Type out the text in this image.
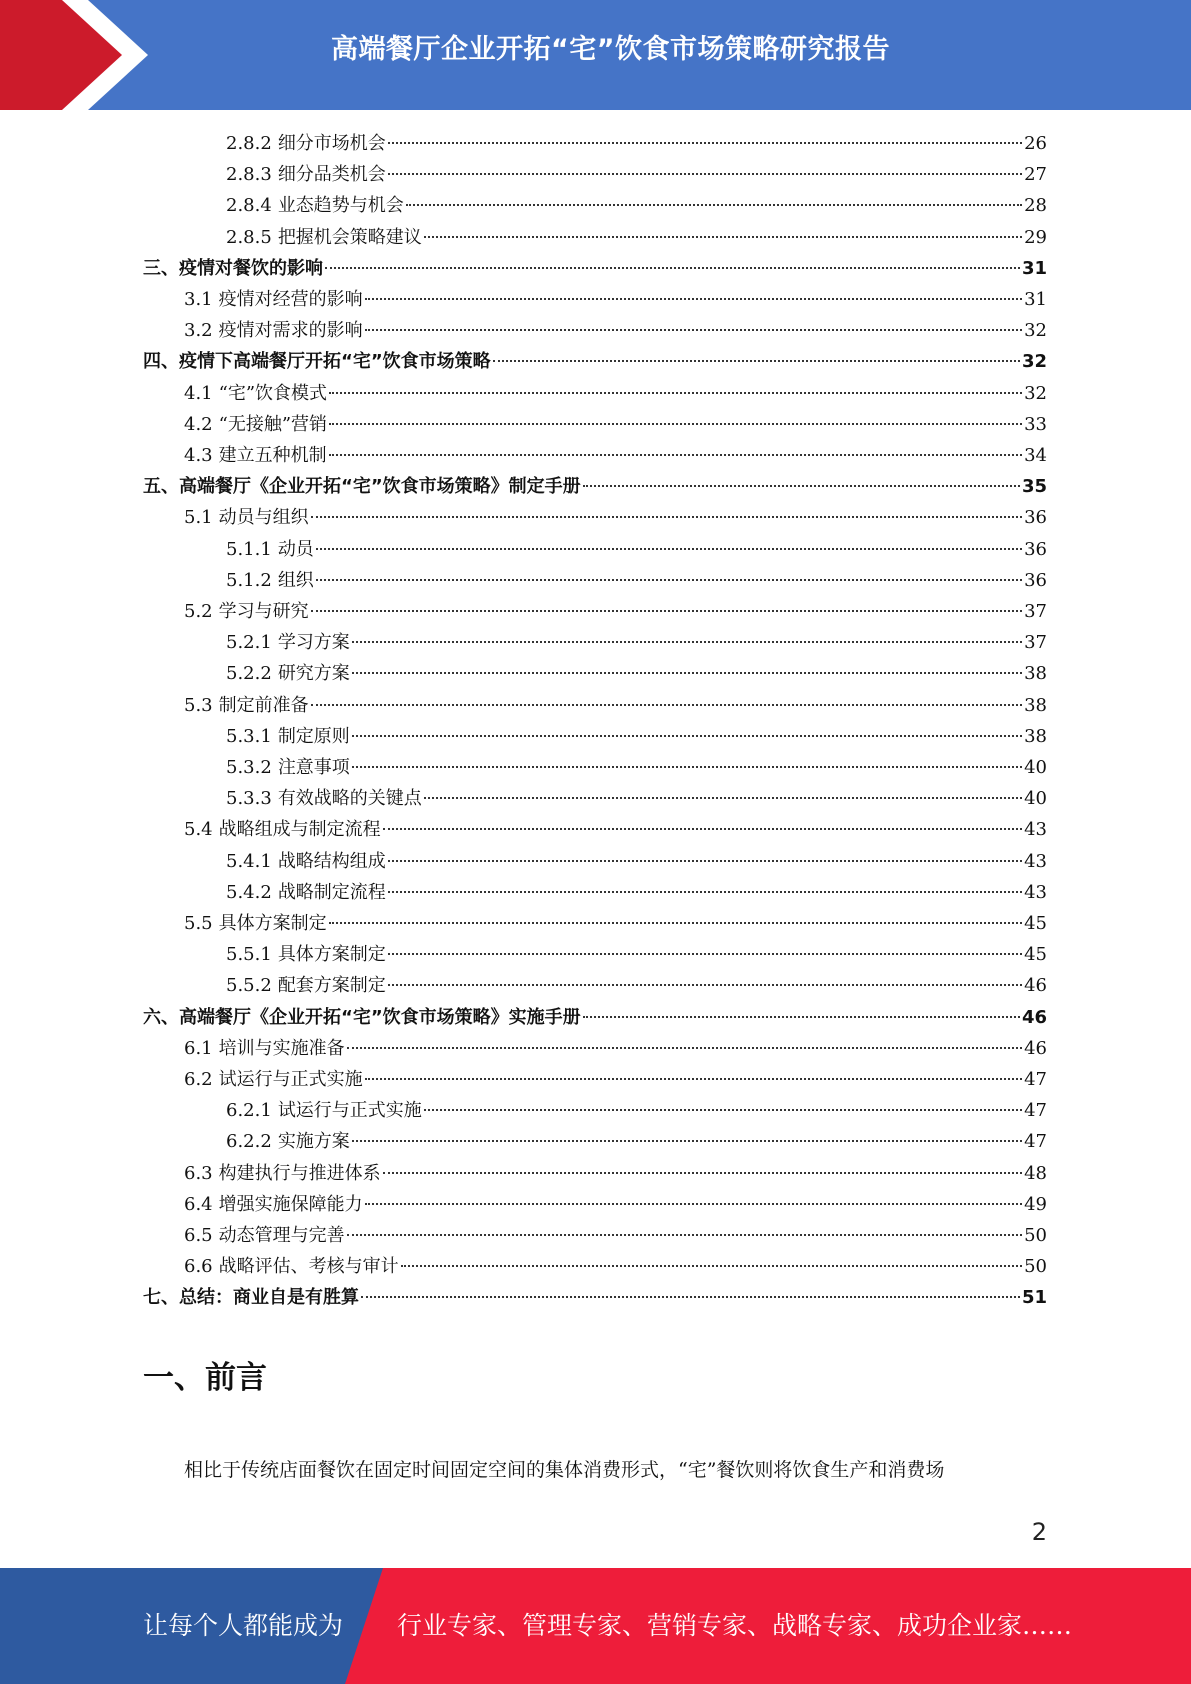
高端餐厅企业开拓“宅”饮食市场策略研究报告
2.8.2 细分市场机会	26
2.8.3 细分品类机会	27
2.8.4 业态趋势与机会	28
2.8.5 把握机会策略建议	29
三、 疫情对餐饮的影响	31
3.1 疫情对经营的影响	31
3.2 疫情对需求的影响	32
四、 疫情下高端餐厅开拓“宅”饮食市场策略	32
4.1 “宅”饮食模式	32
4.2 “无接触”营销	33
4.3 建立五种机制	34
五、 高端餐厅《企业开拓“宅”饮食市场策略》制定手册	35
5.1 动员与组织	36
5.1.1 动员	36
5.1.2 组织	36
5.2 学习与研究	37
5.2.1 学习方案	37
5.2.2 研究方案	38
5.3 制定前准备	38
5.3.1 制定原则	38
5.3.2 注意事项	40
5.3.3 有效战略的关键点	40
5.4 战略组成与制定流程	43
5.4.1 战略结构组成	43
5.4.2 战略制定流程	43
5.5 具体方案制定	45
5.5.1 具体方案制定	45
5.5.2 配套方案制定	46
六、 高端餐厅《企业开拓“宅”饮食市场策略》实施手册	46
6.1 培训与实施准备	46
6.2 试运行与正式实施	47
6.2.1 试运行与正式实施	47
6.2.2 实施方案	47
6.3 构建执行与推进体系	48
6.4 增强实施保障能力	49
6.5 动态管理与完善	50
6.6 战略评估、考核与审计	50
七、 总结：商业自是有胜算	51
一、前言
相比于传统店面餐饮在固定时间固定空间的集体消费形式，“宅”餐饮则将饮食生产和消费场
2
让每个人都能成为 行业专家、管理专家、营销专家、战略专家、成功企业家……
